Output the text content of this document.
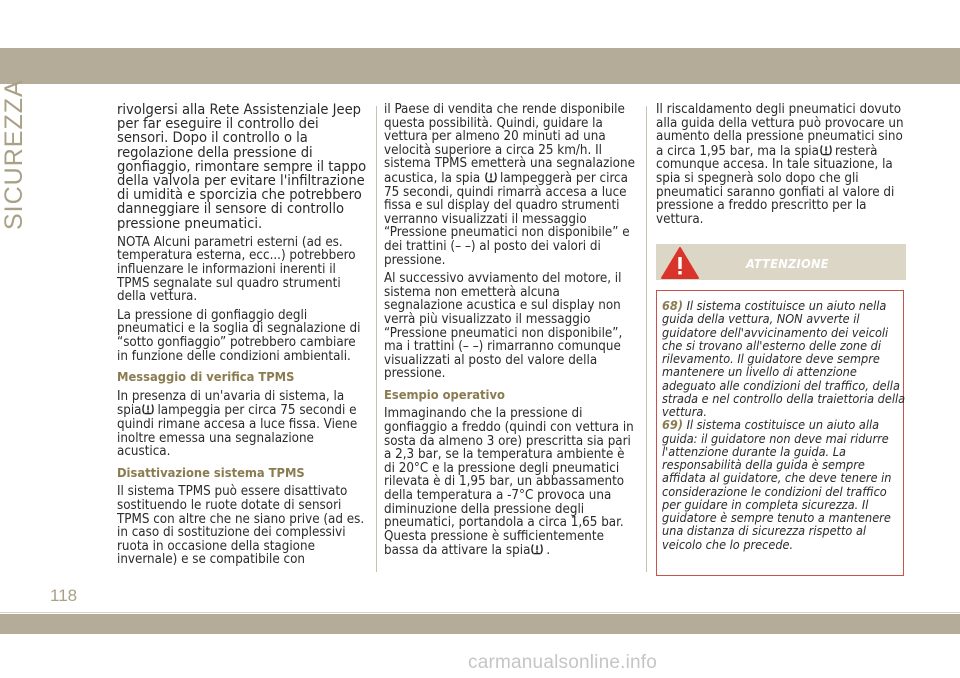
SICUREZZA	rivolgersi alla Rete Assistenziale Jeep per far eseguire il controllo dei sensori. Dopo il controllo o la regolazione della pressione di gonfiaggio, rimontare sempre il tappo della valvola per evitare l'infiltrazione di umidità e sporcizia che potrebbero danneggiare il sensore di controllo pressione pneumatici.

NOTA Alcuni parametri esterni (ad es. temperatura esterna, ecc...) potrebbero influenzare le informazioni inerenti il TPMS segnalate sul quadro strumenti della vettura.

La pressione di gonfiaggio degli pneumatici e la soglia di segnalazione di “sotto gonfiaggio” potrebbero cambiare in funzione delle condizioni ambientali.

Messaggio di verifica TPMS

In presenza di un'avaria di sistema, la spia lampeggia per circa 75 secondi e quindi rimane accesa a luce fissa. Viene inoltre emessa una segnalazione acustica.

Disattivazione sistema TPMS

Il sistema TPMS può essere disattivato sostituendo le ruote dotate di sensori TPMS con altre che ne siano prive (ad es. in caso di sostituzione dei complessivi ruota in occasione della stagione invernale) e se compatibile con

il Paese di vendita che rende disponibile questa possibilità. Quindi, guidare la vettura per almeno 20 minuti ad una velocità superiore a circa 25 km/h. Il sistema TPMS emetterà una segnalazione acustica, la spia lampeggerà per circa 75 secondi, quindi rimarrà accesa a luce fissa e sul display del quadro strumenti verranno visualizzati il messaggio “Pressione pneumatici non disponibile” e dei trattini (– –) al posto dei valori di pressione.

Al successivo avviamento del motore, il sistema non emetterà alcuna segnalazione acustica e sul display non verrà più visualizzato il messaggio “Pressione pneumatici non disponibile”, ma i trattini (– –) rimarranno comunque visualizzati al posto del valore della pressione.

Esempio operativo

Immaginando che la pressione di gonfiaggio a freddo (quindi con vettura in sosta da almeno 3 ore) prescritta sia pari a 2,3 bar, se la temperatura ambiente è di 20°C e la pressione degli pneumatici rilevata è di 1,95 bar, un abbassamento della temperatura a -7°C provoca una diminuzione della pressione degli pneumatici, portandola a circa 1,65 bar. Questa pressione è sufficientemente bassa da attivare la spia .

Il riscaldamento degli pneumatici dovuto alla guida della vettura può provocare un aumento della pressione pneumatici sino a circa 1,95 bar, ma la spia resterà comunque accesa. In tale situazione, la spia si spegnerà solo dopo che gli pneumatici saranno gonfiati al valore di pressione a freddo prescritto per la vettura.

ATTENZIONE

68) Il sistema costituisce un aiuto nella guida della vettura, NON avverte il guidatore dell'avvicinamento dei veicoli che si trovano all'esterno delle zone di rilevamento. Il guidatore deve sempre mantenere un livello di attenzione adeguato alle condizioni del traffico, della strada e nel controllo della traiettoria della vettura.

69) Il sistema costituisce un aiuto alla guida: il guidatore non deve mai ridurre l'attenzione durante la guida. La responsabilità della guida è sempre affidata al guidatore, che deve tenere in considerazione le condizioni del traffico per guidare in completa sicurezza. Il guidatore è sempre tenuto a mantenere una distanza di sicurezza rispetto al veicolo che lo precede.

118
carmanualsonline.info
